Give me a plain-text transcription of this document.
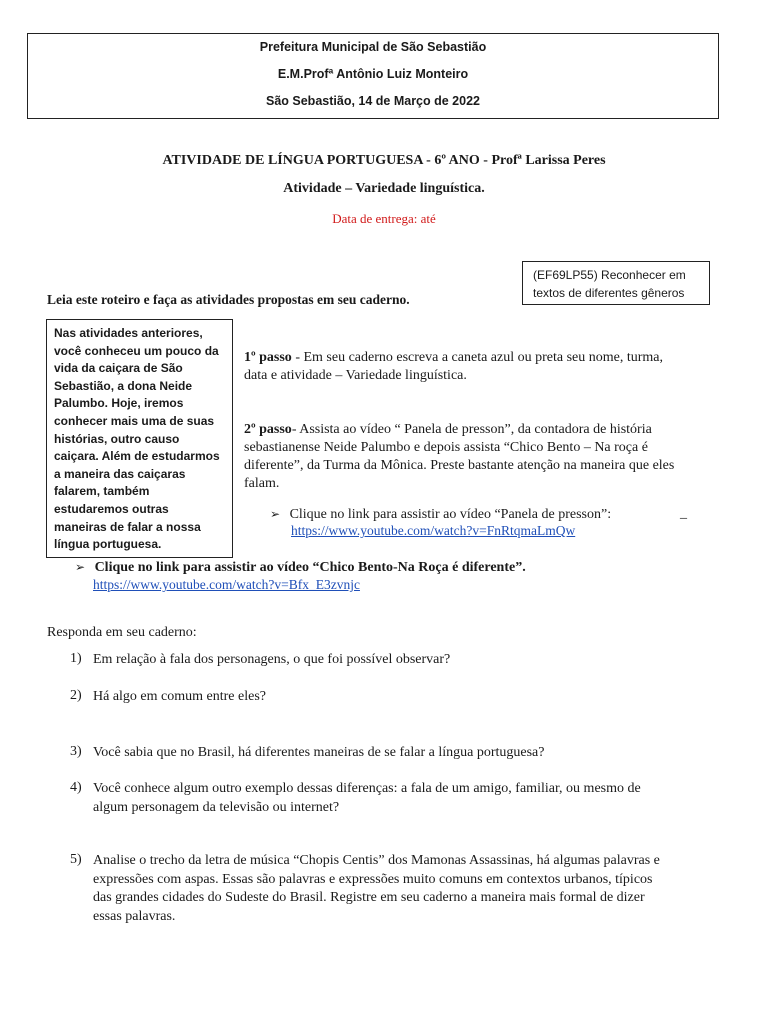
Prefeitura Municipal de São Sebastião
E.M.Profª Antônio Luiz Monteiro
São Sebastião, 14 de Março de 2022
ATIVIDADE DE LÍNGUA PORTUGUESA - 6º ANO - Profª Larissa Peres
Atividade – Variedade linguística.
Data de entrega: até
(EF69LP55) Reconhecer em
textos de diferentes gêneros
Leia este roteiro e faça as atividades propostas em seu caderno.
Nas atividades anteriores,
você conheceu um pouco da
vida da caiçara de São
Sebastião, a dona Neide
Palumbo. Hoje, iremos
conhecer mais uma de suas
histórias, outro causo
caiçara. Além de estudarmos
a maneira das caiçaras
falarem, também
estudaremos outras
maneiras de falar a nossa
língua portuguesa.
1º passo - Em seu caderno escreva a caneta azul ou preta seu nome, turma,
data e atividade – Variedade linguística.
2º passo- Assista ao vídeo “ Panela de presson”, da contadora de história
sebastianense Neide Palumbo e depois assista “Chico Bento – Na roça é
diferente”, da Turma da Mônica. Preste bastante atenção na maneira que eles
falam.
➢ Clique no link para assistir ao vídeo “Panela de presson”:	_
https://www.youtube.com/watch?v=FnRtqmaLmQw
➢ Clique no link para assistir ao vídeo “Chico Bento-Na Roça é diferente”.
https://www.youtube.com/watch?v=Bfx_E3zvnjc
Responda em seu caderno:
1) Em relação à fala dos personagens, o que foi possível observar?
2) Há algo em comum entre eles?
3) Você sabia que no Brasil, há diferentes maneiras de se falar a língua portuguesa?
4) Você conhece algum outro exemplo dessas diferenças: a fala de um amigo, familiar, ou mesmo de
algum personagem da televisão ou internet?
5) Analise o trecho da letra de música “Chopis Centis” dos Mamonas Assassinas, há algumas palavras e
expressões com aspas. Essas são palavras e expressões muito comuns em contextos urbanos, típicos
das grandes cidades do Sudeste do Brasil. Registre em seu caderno a maneira mais formal de dizer
essas palavras.
